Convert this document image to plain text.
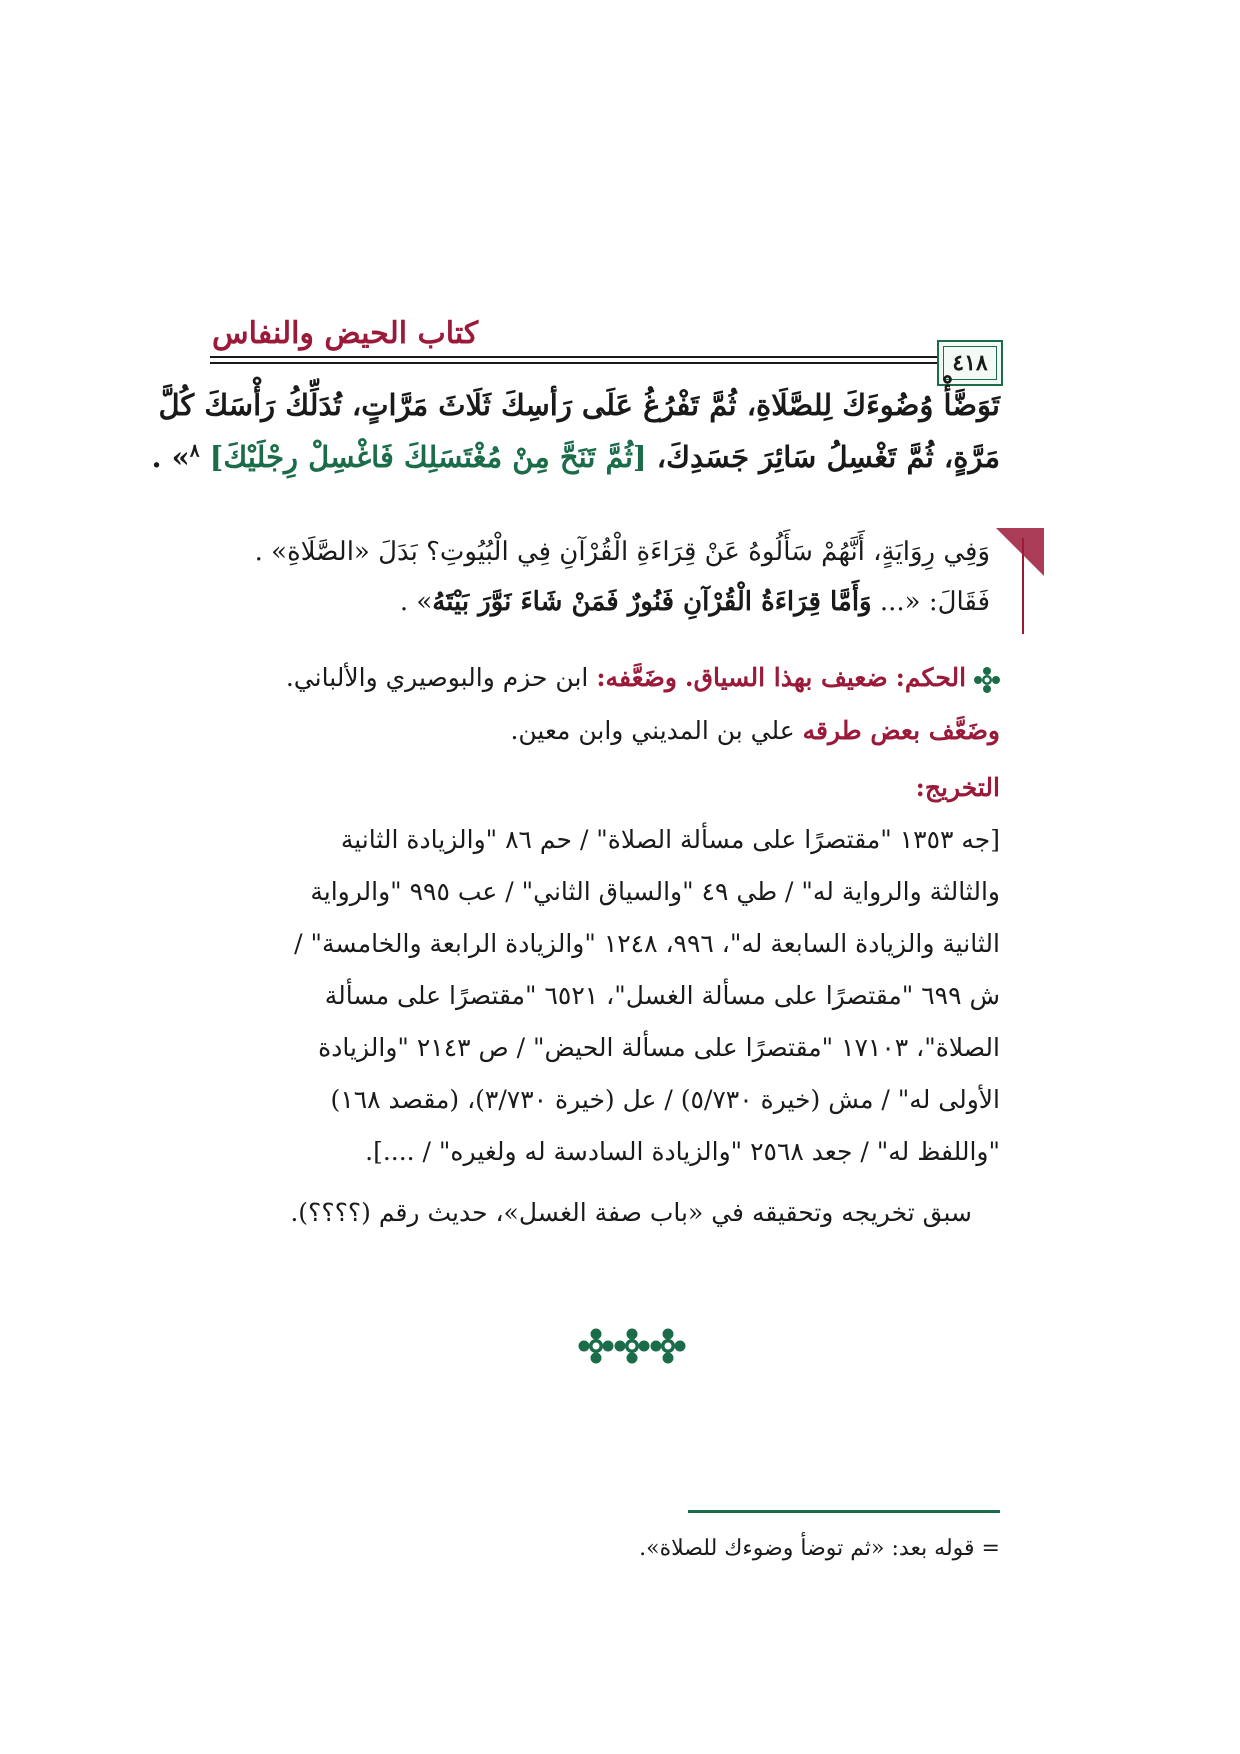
كتاب الحيض والنفاس
٤١٨
تَوَضَّأْ وُضُوءَكَ لِلصَّلَاةِ، ثُمَّ تَفْرُغُ عَلَى رَأسِكَ ثَلَاثَ مَرَّاتٍ، تُدَلِّكُ رَأْسَكَ كُلَّ
مَرَّةٍ، ثُمَّ تَغْسِلُ سَائِرَ جَسَدِكَ، [ثُمَّ تَنَحَّ مِنْ مُغْتَسَلِكَ فَاغْسِلْ رِجْلَيْكَ] $^٨$» .
وَفِي رِوَايَةٍ، أَنَّهُمْ سَأَلُوهُ عَنْ قِرَاءَةِ الْقُرْآنِ فِي الْبُيُوتِ؟ بَدَلَ «الصَّلَاةِ» .
فَقَالَ: «... وَأَمَّا قِرَاءَةُ الْقُرْآنِ فَنُورٌ فَمَنْ شَاءَ نَوَّرَ بَيْتَهُ» .
الحكم: ضعيف بهذا السياق. وضَعَّفه: ابن حزم والبوصيري والألباني.
وضَعَّف بعض طرقه علي بن المديني وابن معين.
التخريج:
[جه ١٣٥٣ "مقتصرًا على مسألة الصلاة" / حم ٨٦ "والزيادة الثانية
والثالثة والرواية له" / طي ٤٩ "والسياق الثاني" / عب ٩٩٥ "والرواية
الثانية والزيادة السابعة له"، ٩٩٦، ١٢٤٨ "والزيادة الرابعة والخامسة" /
ش ٦٩٩ "مقتصرًا على مسألة الغسل"، ٦٥٢١ "مقتصرًا على مسألة
الصلاة"، ١٧١٠٣ "مقتصرًا على مسألة الحيض" / ص ٢١٤٣ "والزيادة
الأولى له" / مش (خيرة ٥/٧٣٠) / عل (خيرة ٣/٧٣٠)، (مقصد ١٦٨)
"واللفظ له" / جعد ٢٥٦٨ "والزيادة السادسة له ولغيره" / ....].
سبق تخريجه وتحقيقه في «باب صفة الغسل»، حديث رقم (؟؟؟؟).
= قوله بعد: «ثم توضأ وضوءك للصلاة».
